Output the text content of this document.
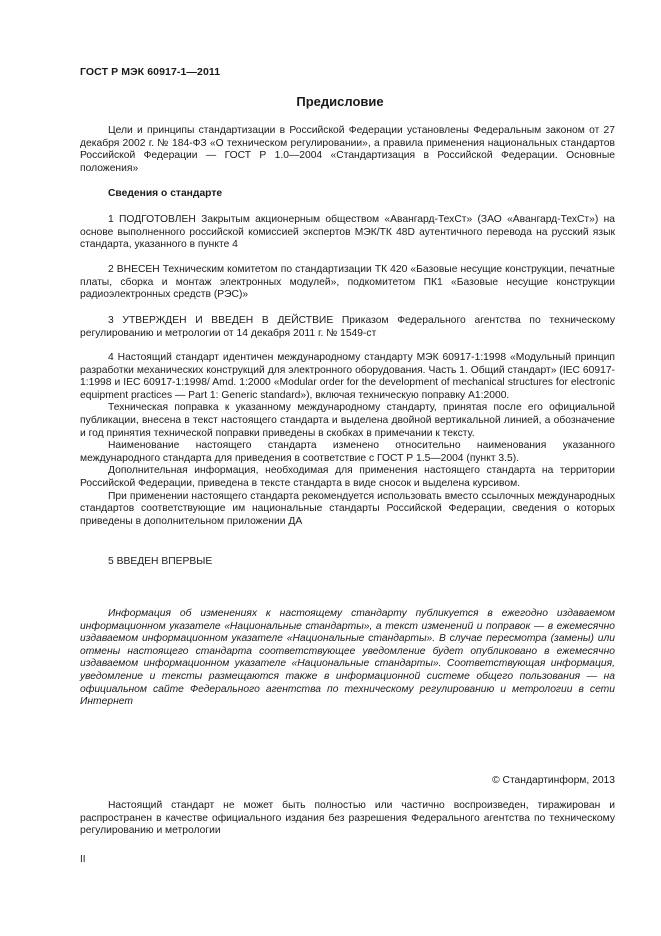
ГОСТ Р МЭК 60917-1—2011
Предисловие

Цели и принципы стандартизации в Российской Федерации установлены Федеральным законом от 27 декабря 2002 г. № 184-ФЗ «О техническом регулировании», а правила применения национальных стандартов Российской Федерации — ГОСТ Р 1.0—2004 «Стандартизация в Российской Федерации. Основные положения»

Сведения о стандарте

1 ПОДГОТОВЛЕН Закрытым акционерным обществом «Авангард-ТехСт» (ЗАО «Авангард-ТехСт») на основе выполненного российской комиссией экспертов МЭК/ТК 48D аутентичного перевода на русский язык стандарта, указанного в пункте 4

2 ВНЕСЕН Техническим комитетом по стандартизации ТК 420 «Базовые несущие конструкции, печатные платы, сборка и монтаж электронных модулей», подкомитетом ПК1 «Базовые несущие конструкции радиоэлектронных средств (РЭС)»

3 УТВЕРЖДЕН И ВВЕДЕН В ДЕЙСТВИЕ Приказом Федерального агентства по техническому регулированию и метрологии от 14 декабря 2011 г. № 1549-ст

4 Настоящий стандарт идентичен международному стандарту МЭК 60917-1:1998 «Модульный принцип разработки механических конструкций для электронного оборудования. Часть 1. Общий стандарт» (IEC 60917-1:1998 и IEC 60917-1:1998/ Amd. 1:2000 «Modular order for the development of mechanical structures for electronic equipment practices — Part 1: Generic standard»), включая техническую поправку А1:2000.

Техническая поправка к указанному международному стандарту, принятая после его официальной публикации, внесена в текст настоящего стандарта и выделена двойной вертикальной линией, а обозначение и год принятия технической поправки приведены в скобках в примечании к тексту.

Наименование настоящего стандарта изменено относительно наименования указанного международного стандарта для приведения в соответствие с ГОСТ Р 1.5—2004 (пункт 3.5).

Дополнительная информация, необходимая для применения настоящего стандарта на территории Российской Федерации, приведена в тексте стандарта в виде сносок и выделена курсивом.

При применении настоящего стандарта рекомендуется использовать вместо ссылочных международных стандартов соответствующие им национальные стандарты Российской Федерации, сведения о которых приведены в дополнительном приложении ДА

5 ВВЕДЕН ВПЕРВЫЕ

Информация об изменениях к настоящему стандарту публикуется в ежегодно издаваемом информационном указателе «Национальные стандарты», а текст изменений и поправок — в ежемесячно издаваемом информационном указателе «Национальные стандарты». В случае пересмотра (замены) или отмены настоящего стандарта соответствующее уведомление будет опубликовано в ежемесячно издаваемом информационном указателе «Национальные стандарты». Соответствующая информация, уведомление и тексты размещаются также в информационной системе общего пользования — на официальном сайте Федерального агентства по техническому регулированию и метрологии в сети Интернет

© Стандартинформ, 2013

Настоящий стандарт не может быть полностью или частично воспроизведен, тиражирован и распространен в качестве официального издания без разрешения Федерального агентства по техническому регулированию и метрологии

II
